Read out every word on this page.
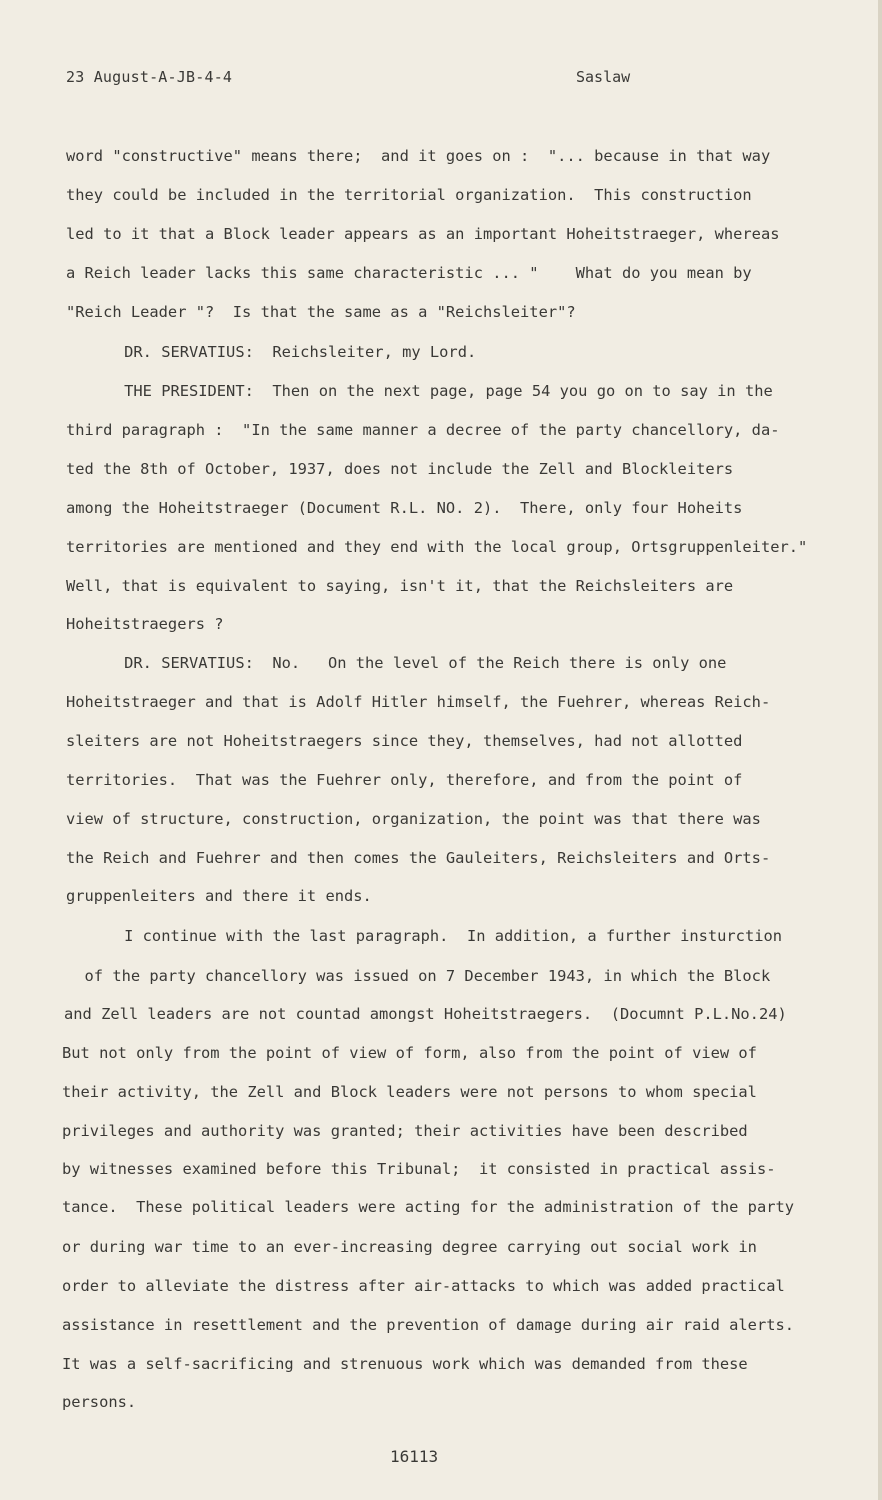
23 August-A-JB-4-4	Saslaw
word "constructive" means there;  and it goes on :  "... because in that way
they could be included in the territorial organization.  This construction
led to it that a Block leader appears as an important Hoheitstraeger, whereas
a Reich leader lacks this same characteristic ... "    What do you mean by
"Reich Leader "?  Is that the same as a "Reichsleiter"?
DR. SERVATIUS:  Reichsleiter, my Lord.
THE PRESIDENT:  Then on the next page, page 54 you go on to say in the
third paragraph :  "In the same manner a decree of the party chancellory, da-
ted the 8th of October, 1937, does not include the Zell and Blockleiters
among the Hoheitstraeger (Document R.L. NO. 2).  There, only four Hoheits
territories are mentioned and they end with the local group, Ortsgruppenleiter."
Well, that is equivalent to saying, isn't it, that the Reichsleiters are
Hoheitstraegers ?
DR. SERVATIUS:  No.   On the level of the Reich there is only one
Hoheitstraeger and that is Adolf Hitler himself, the Fuehrer, whereas Reich-
sleiters are not Hoheitstraegers since they, themselves, had not allotted
territories.  That was the Fuehrer only, therefore, and from the point of
view of structure, construction, organization, the point was that there was
the Reich and Fuehrer and then comes the Gauleiters, Reichsleiters and Orts-
gruppenleiters and there it ends.
I continue with the last paragraph.  In addition, a further insturction
of the party chancellory was issued on 7 December 1943, in which the Block
and Zell leaders are not countad amongst Hoheitstraegers.  (Documnt P.L.No.24)
But not only from the point of view of form, also from the point of view of
their activity, the Zell and Block leaders were not persons to whom special
privileges and authority was granted; their activities have been described
by witnesses examined before this Tribunal;  it consisted in practical assis-
tance.  These political leaders were acting for the administration of the party
or during war time to an ever-increasing degree carrying out social work in
order to alleviate the distress after air-attacks to which was added practical
assistance in resettlement and the prevention of damage during air raid alerts.
It was a self-sacrificing and strenuous work which was demanded from these
persons.
16113
